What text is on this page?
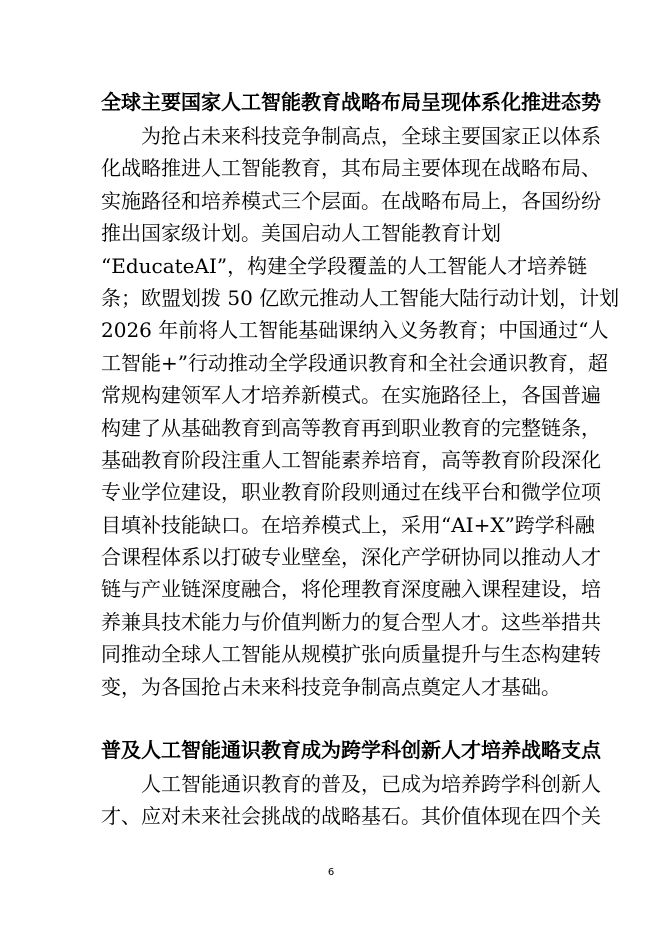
全球主要国家人工智能教育战略布局呈现体系化推进态势
为抢占未来科技竞争制高点，全球主要国家正以体系
化战略推进人工智能教育，其布局主要体现在战略布局、
实施路径和培养模式三个层面。在战略布局上，各国纷纷
推出国家级计划。美国启动人工智能教育计划
“EducateAI”，构建全学段覆盖的人工智能人才培养链
条；欧盟划拨 50 亿欧元推动人工智能大陆行动计划，计划
2026 年前将人工智能基础课纳入义务教育；中国通过“人
工智能+”行动推动全学段通识教育和全社会通识教育，超
常规构建领军人才培养新模式。在实施路径上，各国普遍
构建了从基础教育到高等教育再到职业教育的完整链条，
基础教育阶段注重人工智能素养培育，高等教育阶段深化
专业学位建设，职业教育阶段则通过在线平台和微学位项
目填补技能缺口。在培养模式上，采用“AI+X”跨学科融
合课程体系以打破专业壁垒，深化产学研协同以推动人才
链与产业链深度融合，将伦理教育深度融入课程建设，培
养兼具技术能力与价值判断力的复合型人才。这些举措共
同推动全球人工智能从规模扩张向质量提升与生态构建转
变，为各国抢占未来科技竞争制高点奠定人才基础。
普及人工智能通识教育成为跨学科创新人才培养战略支点
人工智能通识教育的普及，已成为培养跨学科创新人
才、应对未来社会挑战的战略基石。其价值体现在四个关
6
